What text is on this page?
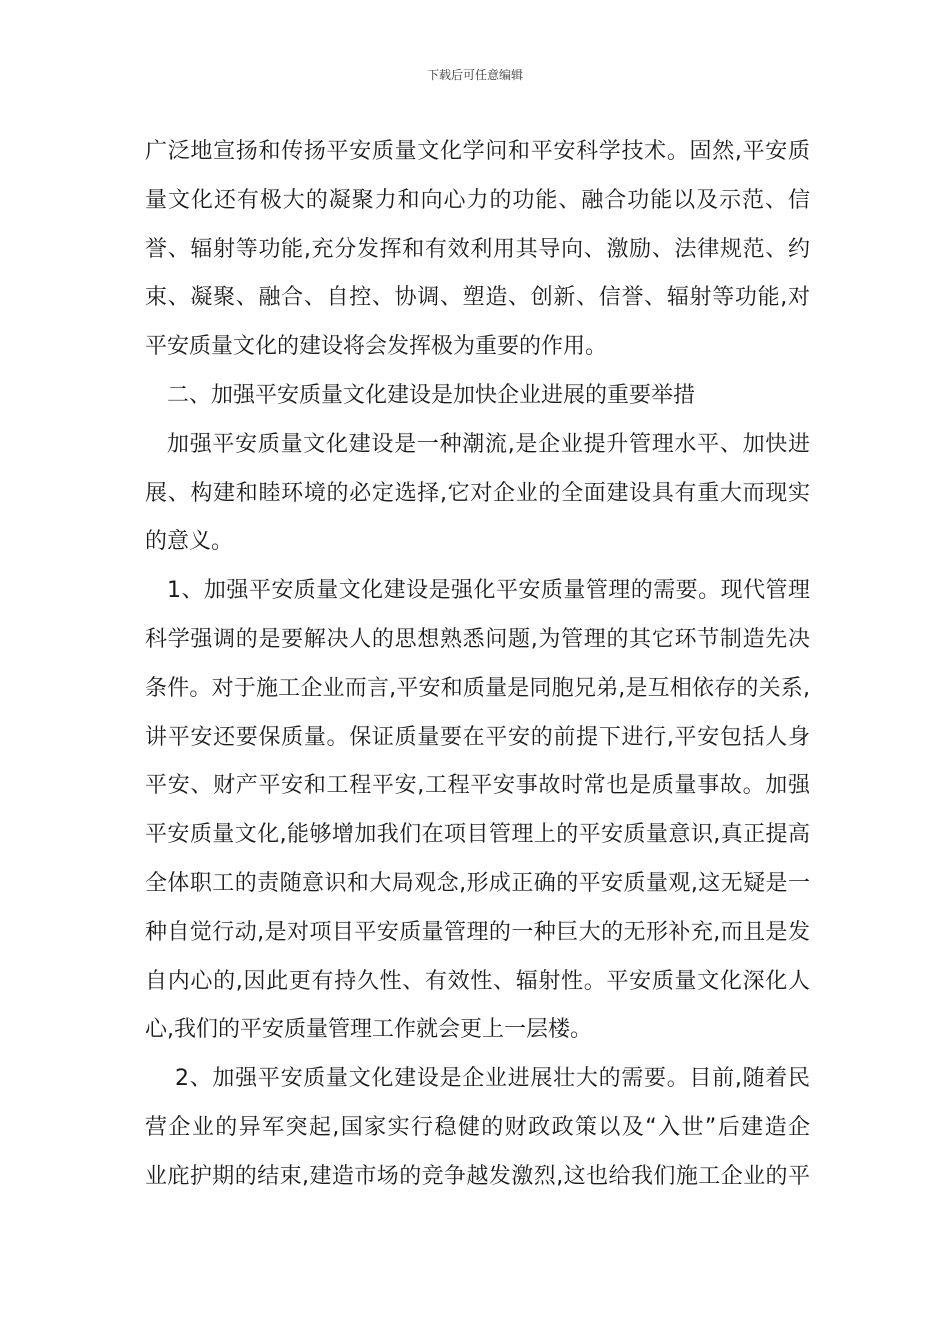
下载后可任意编辑
广泛地宣扬和传扬平安质量文化学问和平安科学技术。固然,平安质
量文化还有极大的凝聚力和向心力的功能、融合功能以及示范、信
誉、辐射等功能,充分发挥和有效利用其导向、激励、法律规范、约
束、凝聚、融合、自控、协调、塑造、创新、信誉、辐射等功能,对
平安质量文化的建设将会发挥极为重要的作用。
二、加强平安质量文化建设是加快企业进展的重要举措
加强平安质量文化建设是一种潮流,是企业提升管理水平、加快进
展、构建和睦环境的必定选择,它对企业的全面建设具有重大而现实
的意义。
1、加强平安质量文化建设是强化平安质量管理的需要。现代管理
科学强调的是要解决人的思想熟悉问题,为管理的其它环节制造先决
条件。对于施工企业而言,平安和质量是同胞兄弟,是互相依存的关系,
讲平安还要保质量。保证质量要在平安的前提下进行,平安包括人身
平安、财产平安和工程平安,工程平安事故时常也是质量事故。加强
平安质量文化,能够增加我们在项目管理上的平安质量意识,真正提高
全体职工的责随意识和大局观念,形成正确的平安质量观,这无疑是一
种自觉行动,是对项目平安质量管理的一种巨大的无形补充,而且是发
自内心的,因此更有持久性、有效性、辐射性。平安质量文化深化人
心,我们的平安质量管理工作就会更上一层楼。
2、加强平安质量文化建设是企业进展壮大的需要。目前,随着民
营企业的异军突起,国家实行稳健的财政政策以及“入世”后建造企
业庇护期的结束,建造市场的竞争越发激烈,这也给我们施工企业的平
